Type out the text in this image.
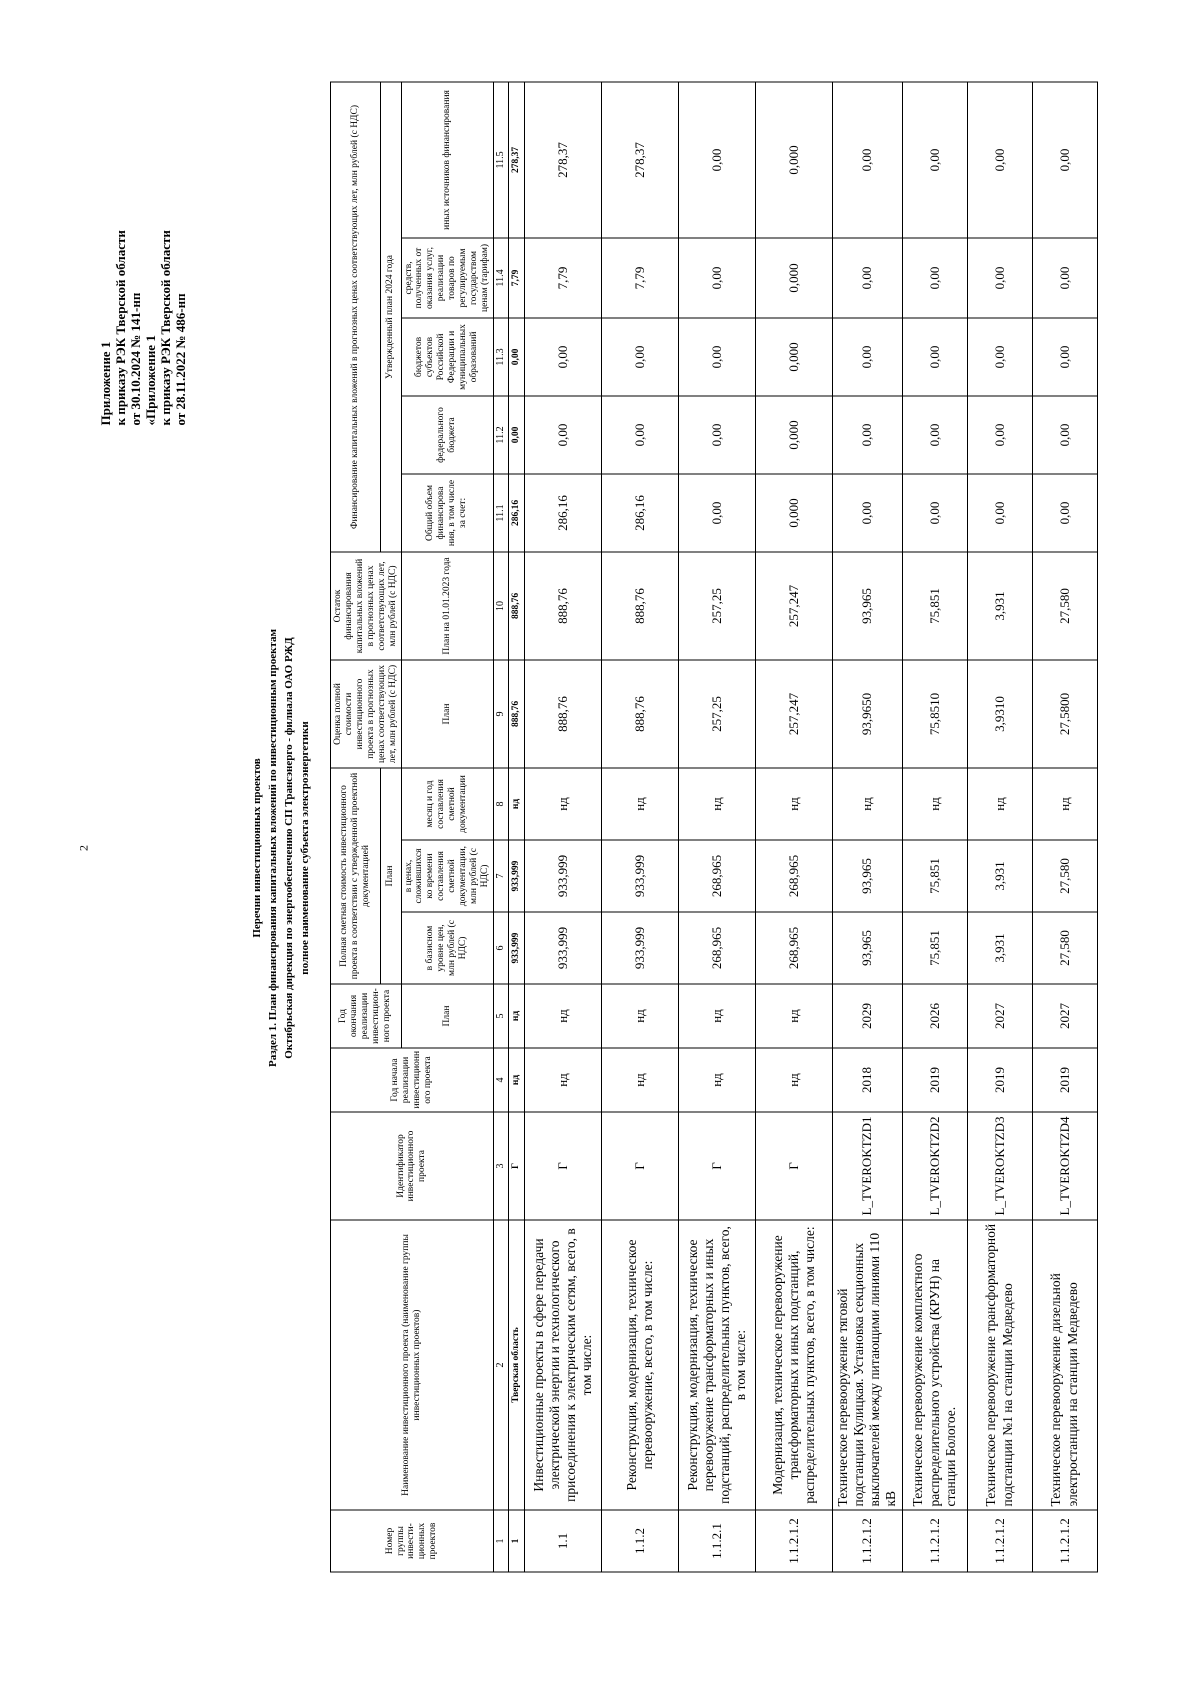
2
Приложение 1 к приказу РЭК Тверской области от 30.10.2024 № 141-нп «Приложение 1 к приказу РЭК Тверской области от 28.11.2022 № 486-нп
Перечни инвестиционных проектов Раздел 1. План финансирования капитальных вложений по инвестиционным проектам Октябрьская дирекция по энергообеспечению СП Трансэнерго - филиала ОАО РЖД полное наименование субъекта электроэнергетики
Номер группы инвести-ционных проектов	Наименование инвестиционного проекта (наименование группы инвестиционных проектов)	Идентификатор инвестиционного проекта	Год начала реализации инвестиционн ого проекта	Год окончания реализации инвестицион-ного проекта	Полная сметная стоимость инвестиционного проекта в соответствии с утвержденной проектной документацией			Оценка полной стоимости инвестиционного проекта в прогнозных ценах соответствующих лет, млн рублей (с НДС)	Остаток финансирования капитальных вложений в прогнозных ценах соответствующих лет, млн рублей (с НДС)	Финансирование капитальных вложений в прогнозных ценах соответствующих лет, млн рублей (с НДС)				
					План					Утвержденный план 2024 года				
				План	в базисном уровне цен, млн рублей (с НДС)	в ценах, сложившихся ко времени составления сметной документации, млн рублей (с НДС)	месяц и год составления сметной документации	План	План на 01.01.2023 года	Общий объем финансирова ния, в том числе за счет:	федерального бюджета	бюджетов субъектов Российской Федерации и муниципальных образований	средств, полученных от оказания услуг, реализации товаров по регулируемым государством ценам (тарифам)	иных источников финансирования
1	2	3	4	5	6	7	8	9	10	11.1	11.2	11.3	11.4	11.5
1	Тверская область	Г	нд	нд	933,999	933,999	нд	888,76	888,76	286,16	0,00	0,00	7,79	278,37
1.1	Инвестиционные проекты в сфере передачи электрической энергии и технологического присоединения к электрическим сетям, всего, в том числе:	Г	нд	нд	933,999	933,999	нд	888,76	888,76	286,16	0,00	0,00	7,79	278,37
1.1.2	Реконструкция, модернизация, техническое перевооружение, всего, в том числе:	Г	нд	нд	933,999	933,999	нд	888,76	888,76	286,16	0,00	0,00	7,79	278,37
1.1.2.1	Реконструкция, модернизация, техническое перевооружение трансформаторных и иных подстанций, распределительных пунктов, всего, в том числе:	Г	нд	нд	268,965	268,965	нд	257,25	257,25	0,00	0,00	0,00	0,00	0,00
1.1.2.1.2	Модернизация, техническое перевооружение трансформаторных и иных подстанций, распределительных пунктов, всего, в том числе:	Г	нд	нд	268,965	268,965	нд	257,247	257,247	0,000	0,000	0,000	0,000	0,000
1.1.2.1.2	Техническое перевооружение тяговой подстанции Кулицкая. Установка секционных выключателей между питающими линиями 110 кВ	L_TVEROKTZD1	2018	2029	93,965	93,965	нд	93,9650	93,965	0,00	0,00	0,00	0,00	0,00
1.1.2.1.2	Техническое перевооружение комплектного распределительного устройства (КРУН) на станции Бологое.	L_TVEROKTZD2	2019	2026	75,851	75,851	нд	75,8510	75,851	0,00	0,00	0,00	0,00	0,00
1.1.2.1.2	Техническое перевооружение трансформаторной подстанции №1 на станции Медведево	L_TVEROKTZD3	2019	2027	3,931	3,931	нд	3,9310	3,931	0,00	0,00	0,00	0,00	0,00
1.1.2.1.2	Техническое перевооружение дизельной электростанции на станции Медведево	L_TVEROKTZD4	2019	2027	27,580	27,580	нд	27,5800	27,580	0,00	0,00	0,00	0,00	0,00
